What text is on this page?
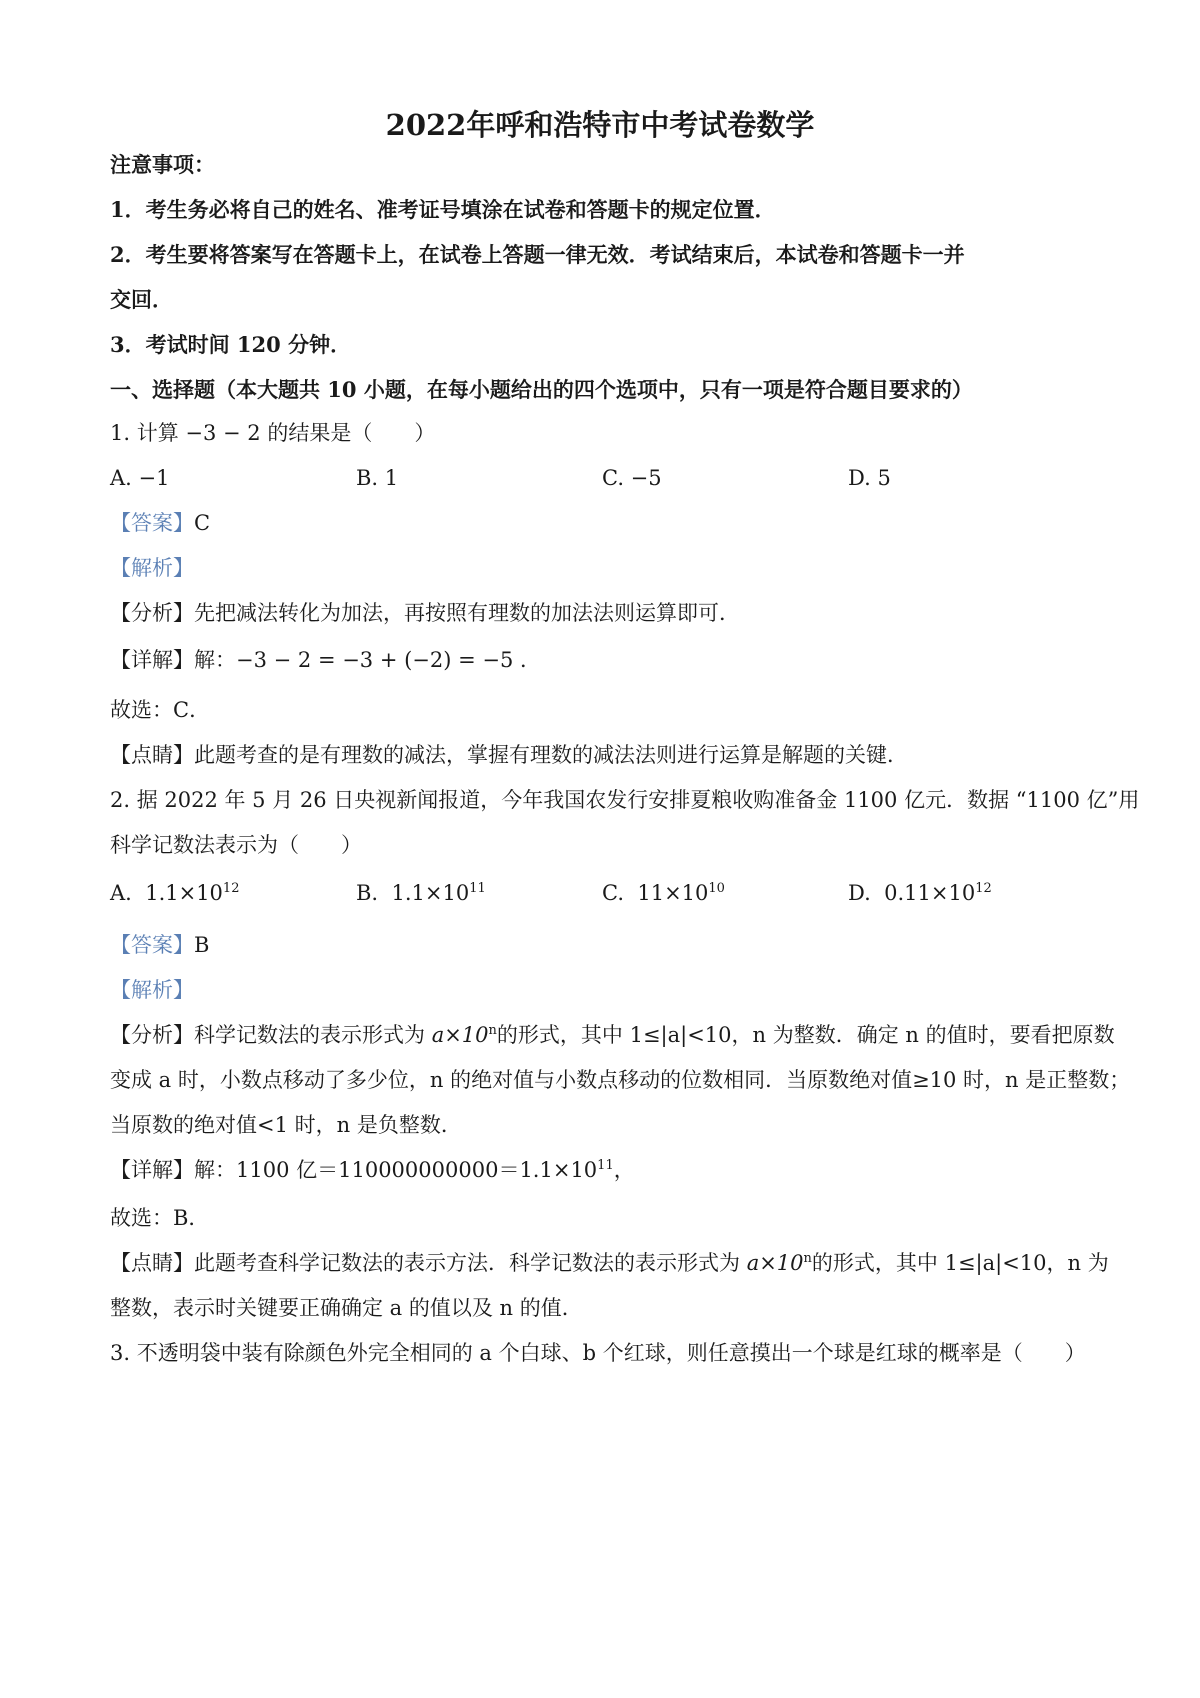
2022年呼和浩特市中考试卷数学
注意事项：
1．考生务必将自己的姓名、准考证号填涂在试卷和答题卡的规定位置．
2．考生要将答案写在答题卡上，在试卷上答题一律无效．考试结束后，本试卷和答题卡一并
交回．
3．考试时间 120 分钟．
一、选择题（本大题共 10 小题，在每小题给出的四个选项中，只有一项是符合题目要求的）
1. 计算 −3 − 2 的结果是（　　）
A. −1	B. 1	C. −5	D. 5
【答案】C
【解析】
【分析】先把减法转化为加法，再按照有理数的加法法则运算即可．
【详解】解：−3 − 2 = −3 + (−2) = −5 ．
故选：C．
【点睛】此题考查的是有理数的减法，掌握有理数的减法法则进行运算是解题的关键．
2. 据 2022 年 5 月 26 日央视新闻报道，今年我国农发行安排夏粮收购准备金 1100 亿元．数据 “1100 亿”用
科学记数法表示为（　　）
A. $1.1\times 10^{12}$	B. $1.1\times 10^{11}$	C. $11\times 10^{10}$	D. $0.11\times 10^{12}$
【答案】B
【解析】
【分析】科学记数法的表示形式为 $a\times 10^n$的形式，其中 1≤|a|<10，n 为整数．确定 n 的值时，要看把原数
变成 a 时，小数点移动了多少位，n 的绝对值与小数点移动的位数相同．当原数绝对值≥10 时，n 是正整数；
当原数的绝对值<1 时，n 是负整数．
【详解】解：1100 亿$=110000000000=1.1\times 10^{11}$，
故选：B．
【点睛】此题考查科学记数法的表示方法．科学记数法的表示形式为 $a\times 10^n$的形式，其中 1≤|a|<10，n 为
整数，表示时关键要正确确定 a 的值以及 n 的值．
3. 不透明袋中装有除颜色外完全相同的 a 个白球、b 个红球，则任意摸出一个球是红球的概率是（　　）
